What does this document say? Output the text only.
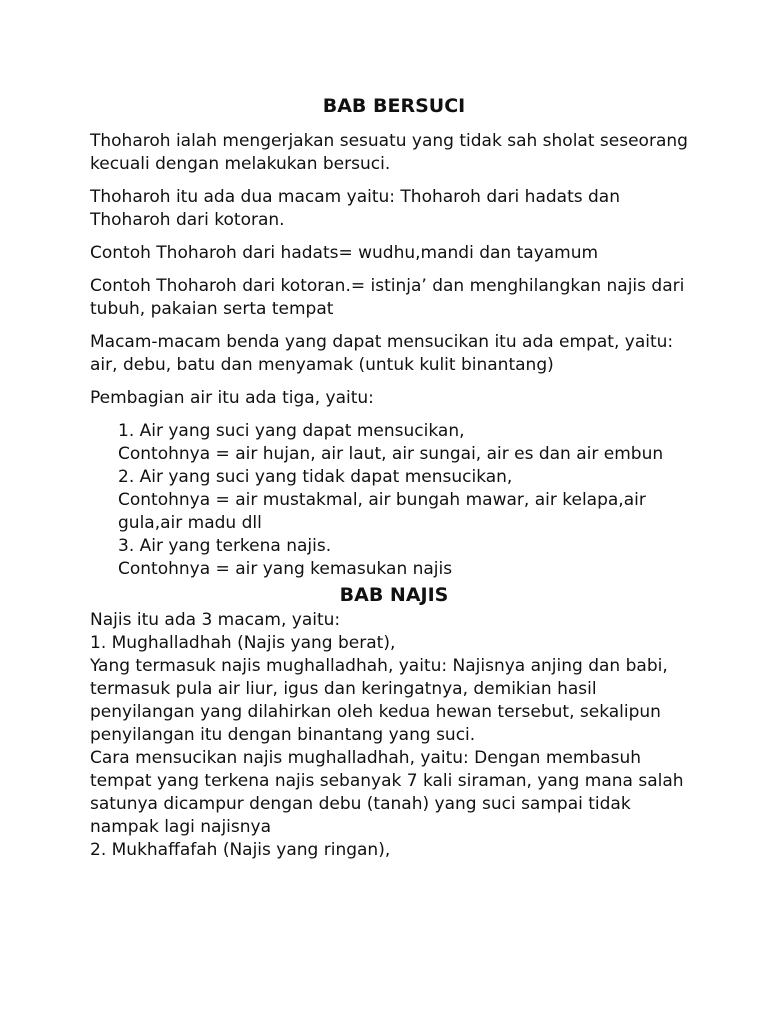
BAB BERSUCI

Thoharoh ialah mengerjakan sesuatu yang tidak sah sholat seseorang kecuali dengan melakukan bersuci.

Thoharoh itu ada dua macam yaitu: Thoharoh dari hadats dan Thoharoh dari kotoran.

Contoh Thoharoh dari hadats= wudhu,mandi dan tayamum

Contoh Thoharoh dari kotoran.= istinja’ dan menghilangkan najis dari tubuh, pakaian serta tempat

Macam-macam benda yang dapat mensucikan itu ada empat, yaitu: air, debu, batu dan menyamak (untuk kulit binantang)

Pembagian air itu ada tiga, yaitu:

1. Air yang suci yang dapat mensucikan,
Contohnya = air hujan, air laut, air sungai, air es dan air embun
2. Air yang suci yang tidak dapat mensucikan,
Contohnya = air mustakmal, air bungah mawar, air kelapa,air gula,air madu dll
3. Air yang terkena najis.
Contohnya = air yang kemasukan najis
BAB NAJIS
Najis itu ada 3 macam, yaitu:
1. Mughalladhah (Najis yang berat),
Yang termasuk najis mughalladhah, yaitu: Najisnya anjing dan babi, termasuk pula air liur, igus dan keringatnya, demikian hasil penyilangan yang dilahirkan oleh kedua hewan tersebut, sekalipun penyilangan itu dengan binantang yang suci.
Cara mensucikan najis mughalladhah, yaitu: Dengan membasuh tempat yang terkena najis sebanyak 7 kali siraman, yang mana salah satunya dicampur dengan debu (tanah) yang suci sampai tidak nampak lagi najisnya
2. Mukhaffafah (Najis yang ringan),
